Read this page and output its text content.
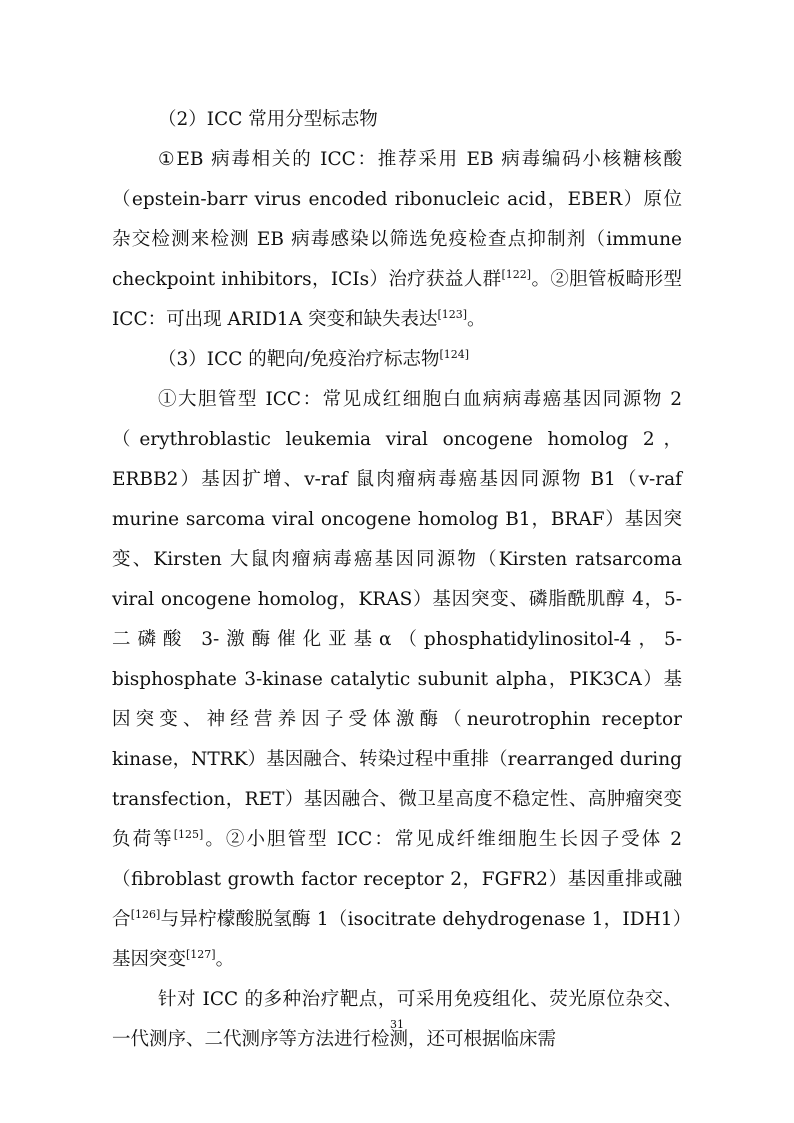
（2）ICC 常用分型标志物

①EB 病毒相关的 ICC：推荐采用 EB 病毒编码小核糖核酸（epstein-barr virus encoded ribonucleic acid，EBER）原位杂交检测来检测 EB 病毒感染以筛选免疫检查点抑制剂（immune checkpoint inhibitors，ICIs）治疗获益人群[122]。②胆管板畸形型 ICC：可出现 ARID1A 突变和缺失表达[123]。

（3）ICC 的靶向/免疫治疗标志物[124]

①大胆管型 ICC：常见成红细胞白血病病毒癌基因同源物 2（erythroblastic leukemia viral oncogene homolog 2，ERBB2）基因扩增、v-raf 鼠肉瘤病毒癌基因同源物 B1（v-raf murine sarcoma viral oncogene homolog B1，BRAF）基因突变、Kirsten 大鼠肉瘤病毒癌基因同源物（Kirsten ratsarcoma viral oncogene homolog，KRAS）基因突变、磷脂酰肌醇 4，5-二磷酸 3-激酶催化亚基α（phosphatidylinositol-4，5-bisphosphate 3-kinase catalytic subunit alpha，PIK3CA）基因突变、神经营养因子受体激酶（neurotrophin receptor kinase，NTRK）基因融合、转染过程中重排（rearranged during transfection，RET）基因融合、微卫星高度不稳定性、高肿瘤突变负荷等[125]。②小胆管型 ICC：常见成纤维细胞生长因子受体 2（fibroblast growth factor receptor 2，FGFR2）基因重排或融合[126]与异柠檬酸脱氢酶 1（isocitrate dehydrogenase 1，IDH1）基因突变[127]。

针对 ICC 的多种治疗靶点，可采用免疫组化、荧光原位杂交、一代测序、二代测序等方法进行检测，还可根据临床需

31
